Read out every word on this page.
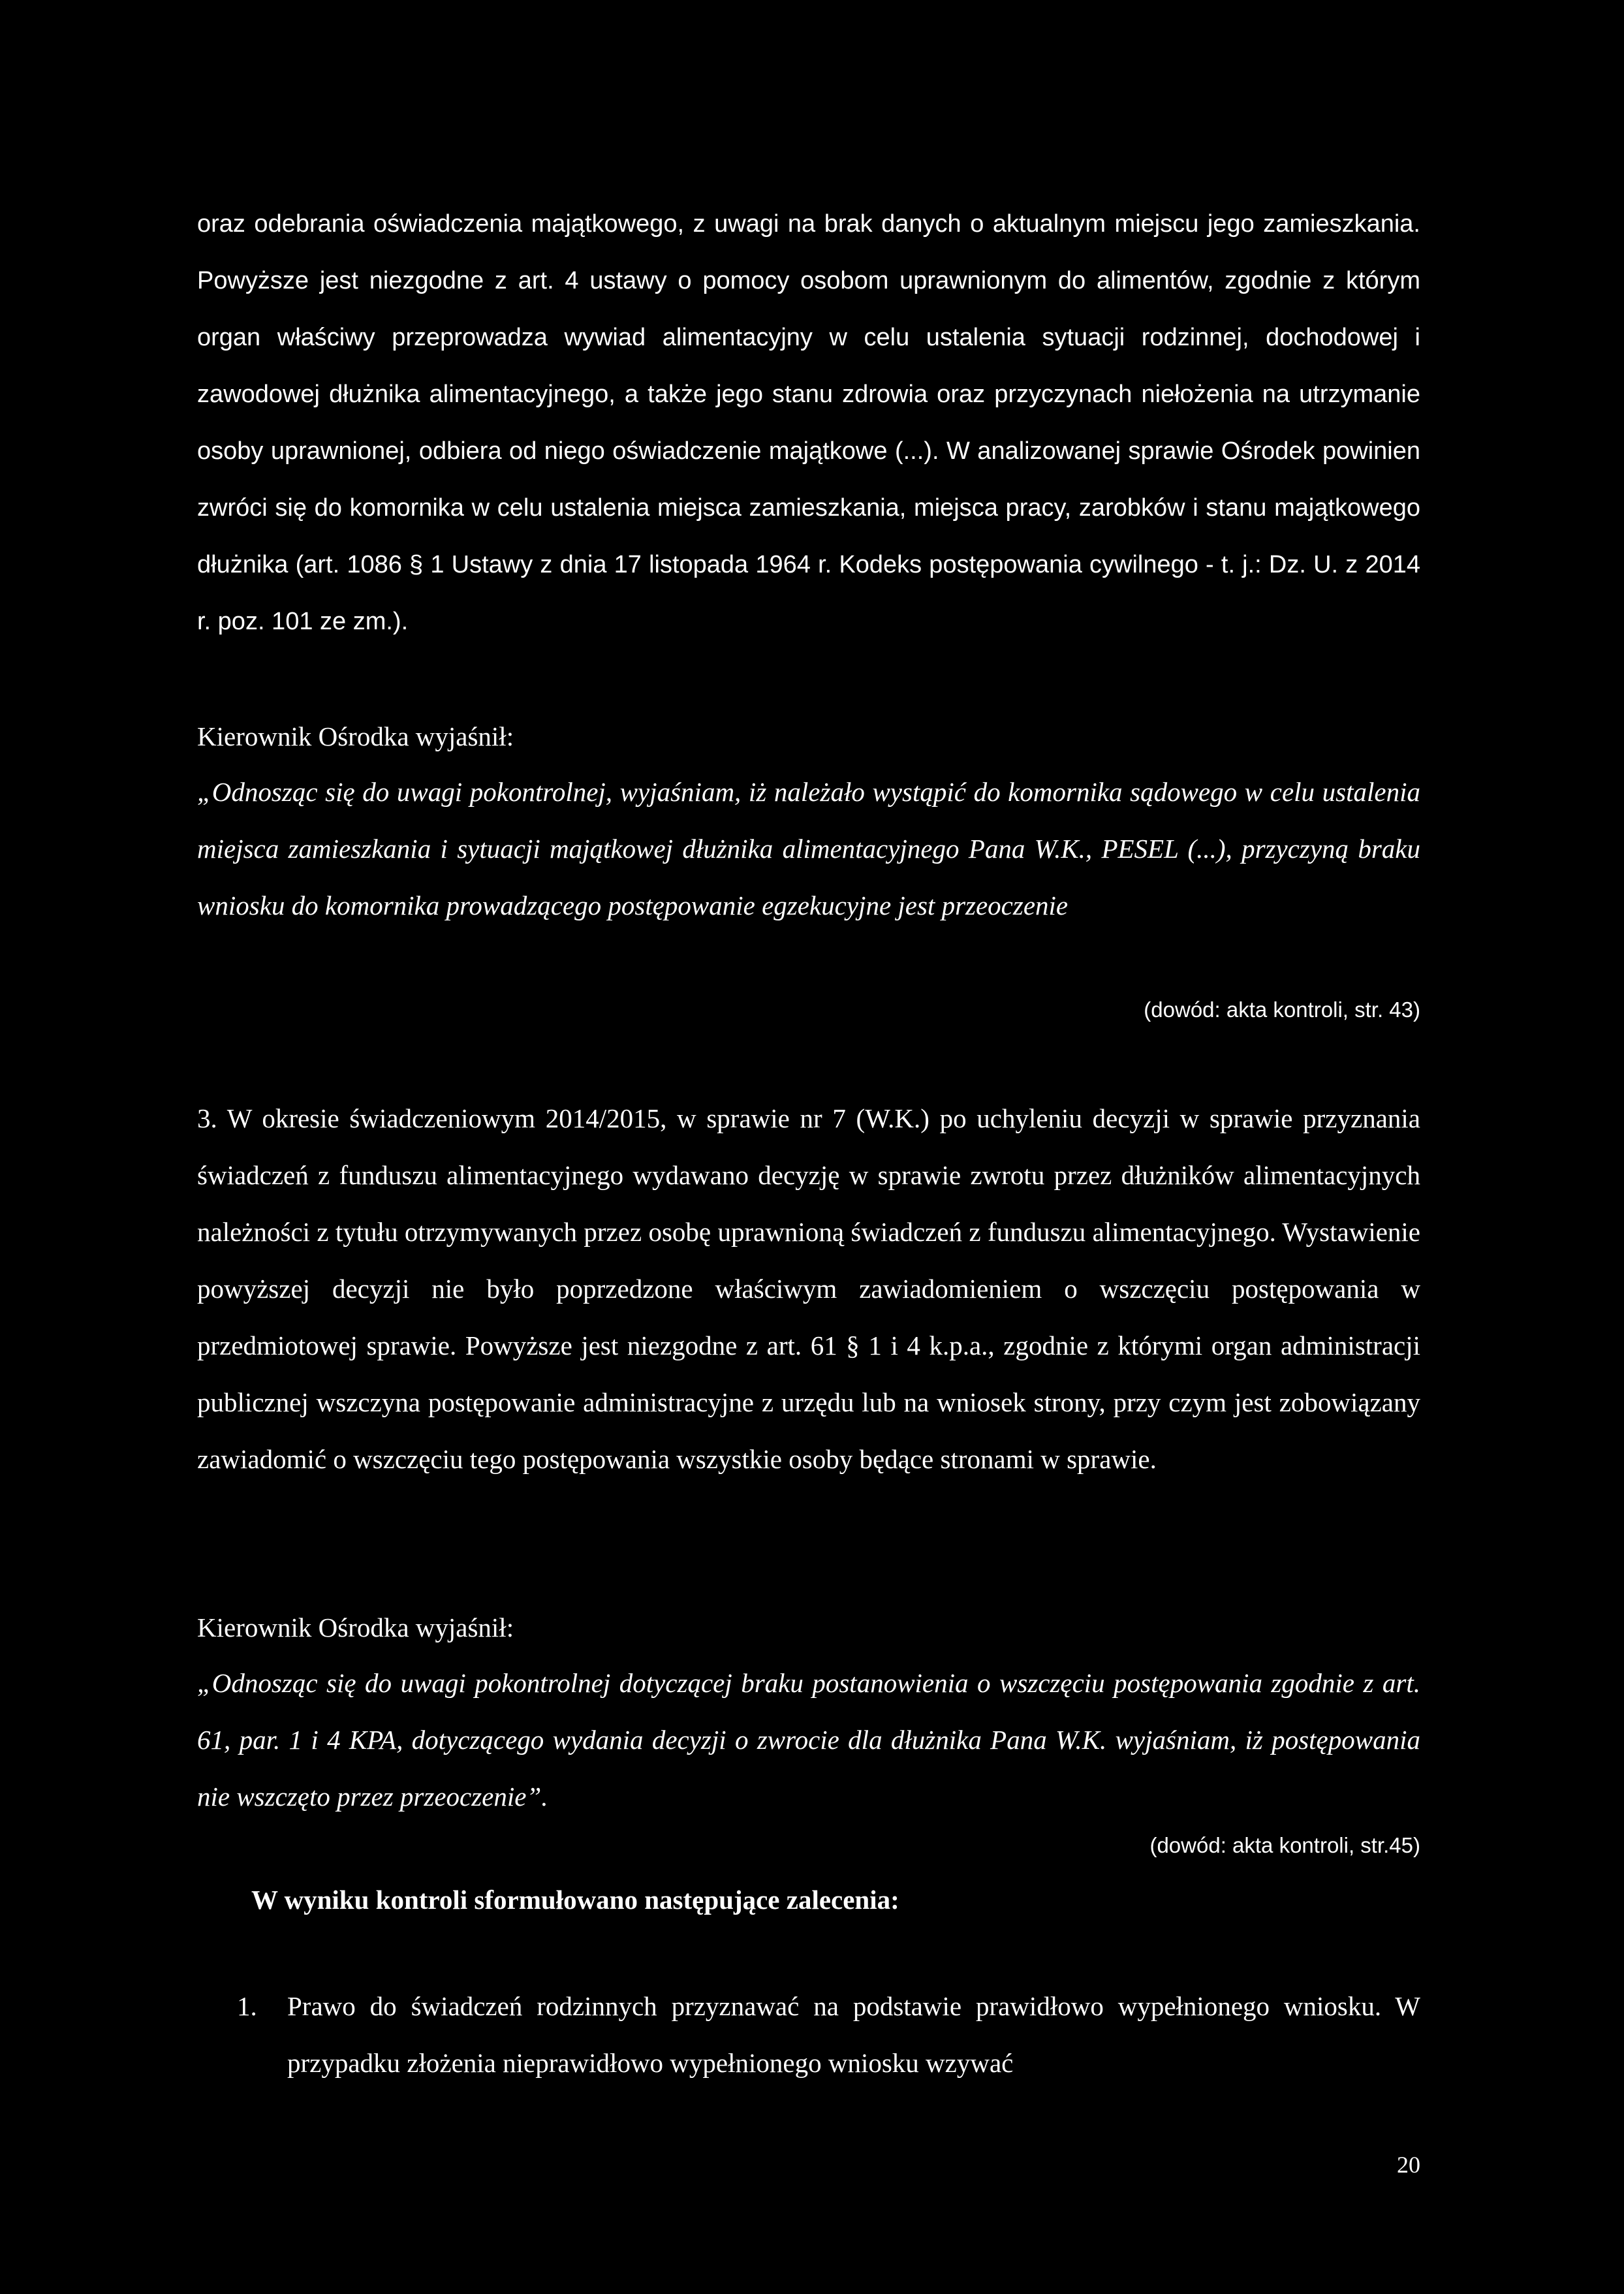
oraz odebrania oświadczenia majątkowego, z uwagi na brak danych o aktualnym miejscu jego zamieszkania. Powyższe jest niezgodne z art. 4 ustawy o pomocy osobom uprawnionym do alimentów, zgodnie z którym organ właściwy przeprowadza wywiad alimentacyjny w celu ustalenia sytuacji rodzinnej, dochodowej i zawodowej dłużnika alimentacyjnego, a także jego stanu zdrowia oraz przyczynach niełożenia na utrzymanie osoby uprawnionej, odbiera od niego oświadczenie majątkowe (...). W analizowanej sprawie Ośrodek powinien zwróci się do komornika w celu ustalenia miejsca zamieszkania, miejsca pracy, zarobków i stanu majątkowego dłużnika (art. 1086 § 1 Ustawy z dnia 17 listopada 1964 r. Kodeks postępowania cywilnego - t. j.: Dz. U. z 2014 r. poz. 101 ze zm.).

Kierownik Ośrodka wyjaśnił:

„Odnosząc się do uwagi pokontrolnej, wyjaśniam, iż należało wystąpić do komornika sądowego w celu ustalenia miejsca zamieszkania i sytuacji majątkowej dłużnika alimentacyjnego Pana W.K., PESEL (...), przyczyną braku wniosku do komornika prowadzącego postępowanie egzekucyjne jest przeoczenie

(dowód: akta kontroli, str. 43)

3. W okresie świadczeniowym 2014/2015, w sprawie nr 7 (W.K.) po uchyleniu decyzji w sprawie przyznania świadczeń z funduszu alimentacyjnego wydawano decyzję w sprawie zwrotu przez dłużników alimentacyjnych należności z tytułu otrzymywanych przez osobę uprawnioną świadczeń z funduszu alimentacyjnego. Wystawienie powyższej decyzji nie było poprzedzone właściwym zawiadomieniem o wszczęciu postępowania w przedmiotowej sprawie. Powyższe jest niezgodne z art. 61 § 1 i 4 k.p.a., zgodnie z którymi organ administracji publicznej wszczyna postępowanie administracyjne z urzędu lub na wniosek strony, przy czym jest zobowiązany zawiadomić o wszczęciu tego postępowania wszystkie osoby będące stronami w sprawie.

Kierownik Ośrodka wyjaśnił:

„Odnosząc się do uwagi pokontrolnej dotyczącej braku postanowienia o wszczęciu postępowania zgodnie z art. 61, par. 1 i 4 KPA, dotyczącego wydania decyzji o zwrocie dla dłużnika Pana W.K. wyjaśniam, iż postępowania nie wszczęto przez przeoczenie”.

(dowód: akta kontroli, str.45)
W wyniku kontroli sformułowano następujące zalecenia:
1. Prawo do świadczeń rodzinnych przyznawać na podstawie prawidłowo wypełnionego wniosku. W przypadku złożenia nieprawidłowo wypełnionego wniosku wzywać

20
